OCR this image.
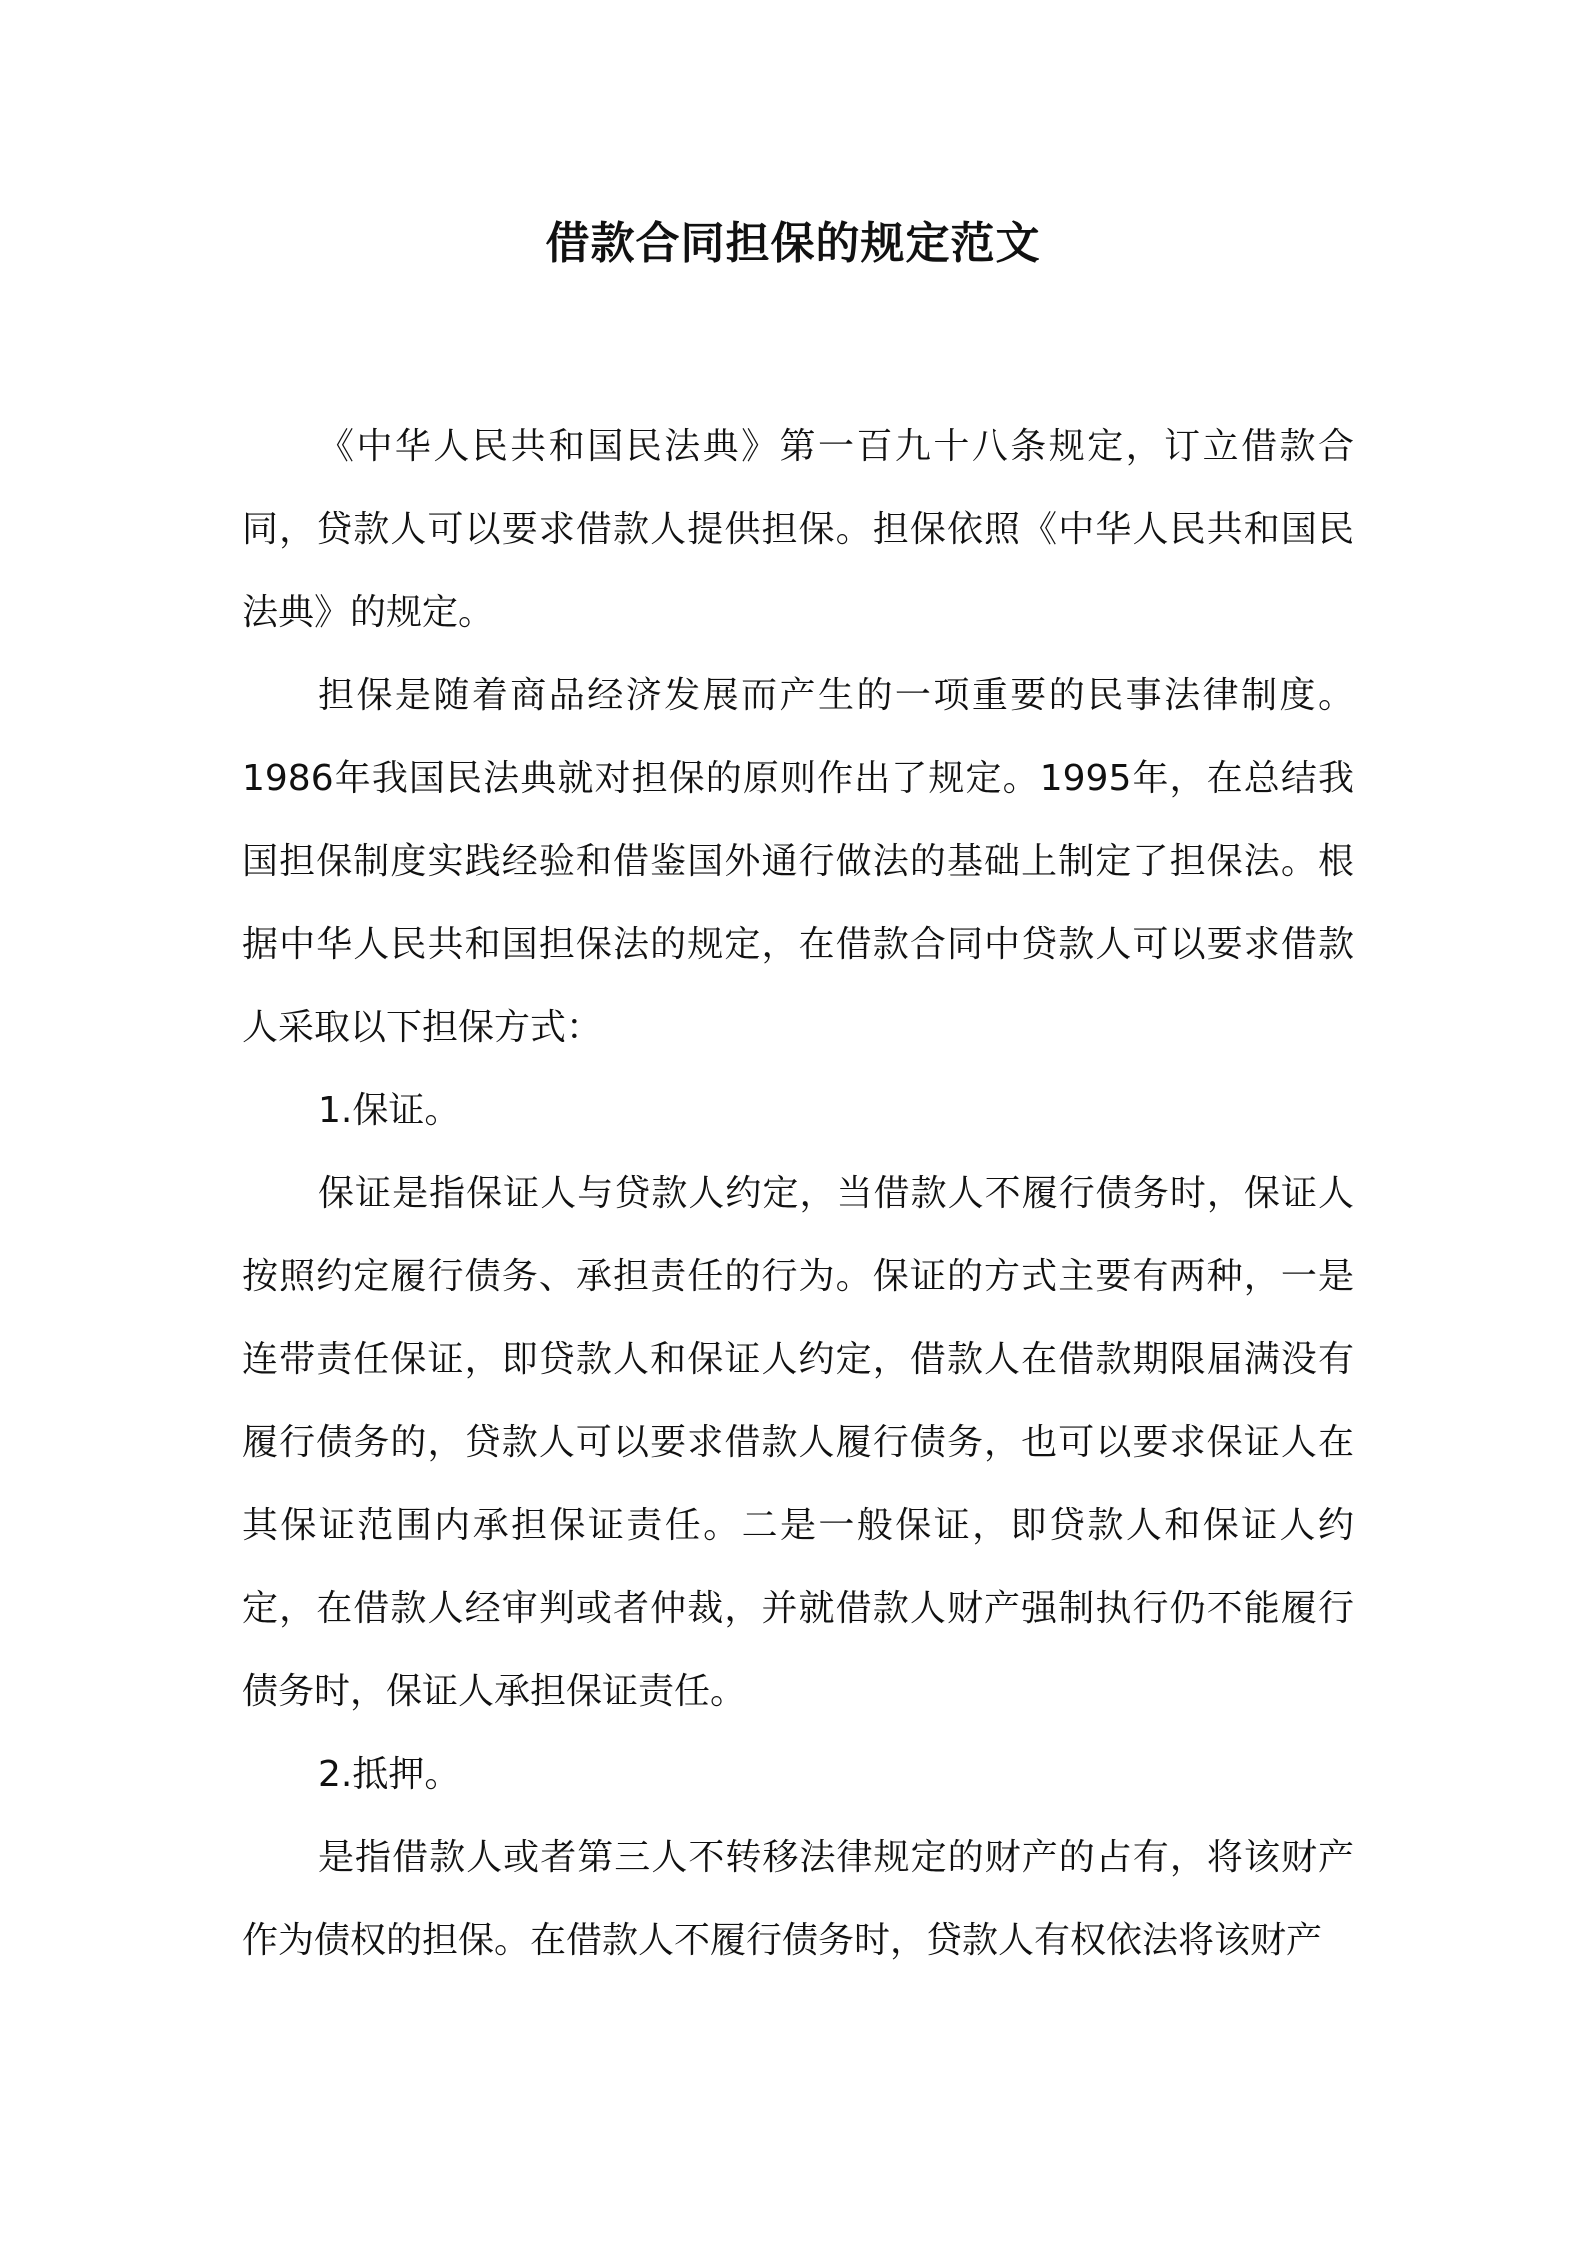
借款合同担保的规定范文

《中华人民共和国民法典》第一百九十八条规定，订立借款合同，贷款人可以要求借款人提供担保。担保依照《中华人民共和国民法典》的规定。

担保是随着商品经济发展而产生的一项重要的民事法律制度。1986年我国民法典就对担保的原则作出了规定。1995年，在总结我国担保制度实践经验和借鉴国外通行做法的基础上制定了担保法。根据中华人民共和国担保法的规定，在借款合同中贷款人可以要求借款人采取以下担保方式：

1.保证。

保证是指保证人与贷款人约定，当借款人不履行债务时，保证人按照约定履行债务、承担责任的行为。保证的方式主要有两种，一是连带责任保证，即贷款人和保证人约定，借款人在借款期限届满没有履行债务的，贷款人可以要求借款人履行债务，也可以要求保证人在其保证范围内承担保证责任。二是一般保证，即贷款人和保证人约定，在借款人经审判或者仲裁，并就借款人财产强制执行仍不能履行债务时，保证人承担保证责任。

2.抵押。

是指借款人或者第三人不转移法律规定的财产的占有，将该财产作为债权的担保。在借款人不履行债务时，贷款人有权依法将该财产
